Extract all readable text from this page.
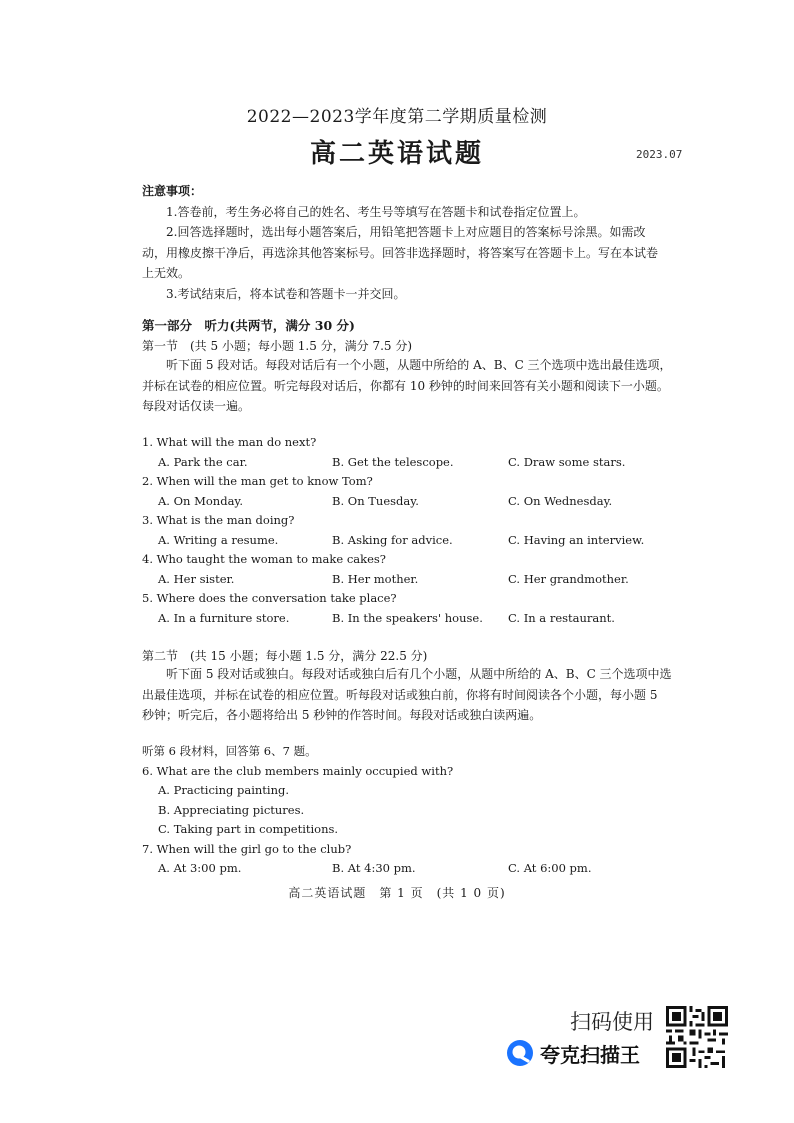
2022—2023学年度第二学期质量检测
高二英语试题	2023.07
注意事项：
1.答卷前，考生务必将自己的姓名、考生号等填写在答题卡和试卷指定位置上。
2.回答选择题时，选出每小题答案后，用铅笔把答题卡上对应题目的答案标号涂黑。如需改动，用橡皮擦干净后，再选涂其他答案标号。回答非选择题时，将答案写在答题卡上。写在本试卷上无效。
3.考试结束后，将本试卷和答题卡一并交回。
第一部分　听力(共两节，满分 30 分)
第一节　(共 5 小题；每小题 1.5 分，满分 7.5 分)
听下面 5 段对话。每段对话后有一个小题，从题中所给的 A、B、C 三个选项中选出最佳选项，并标在试卷的相应位置。听完每段对话后，你都有 10 秒钟的时间来回答有关小题和阅读下一小题。每段对话仅读一遍。
1. What will the man do next?
A. Park the car.	B. Get the telescope.	C. Draw some stars.
2. When will the man get to know Tom?
A. On Monday.	B. On Tuesday.	C. On Wednesday.
3. What is the man doing?
A. Writing a resume.	B. Asking for advice.	C. Having an interview.
4. Who taught the woman to make cakes?
A. Her sister.	B. Her mother.	C. Her grandmother.
5. Where does the conversation take place?
A. In a furniture store.	B. In the speakers' house. C. In a restaurant.
第二节　(共 15 小题；每小题 1.5 分，满分 22.5 分)
听下面 5 段对话或独白。每段对话或独白后有几个小题，从题中所给的 A、B、C 三个选项中选出最佳选项，并标在试卷的相应位置。听每段对话或独白前，你将有时间阅读各个小题，每小题 5 秒钟；听完后，各小题将给出 5 秒钟的作答时间。每段对话或独白读两遍。
听第 6 段材料，回答第 6、7 题。
6. What are the club members mainly occupied with?
A. Practicing painting.
B. Appreciating pictures.
C. Taking part in competitions.
7. When will the girl go to the club?
A. At 3:00 pm.	B. At 4:30 pm.	C. At 6:00 pm.
高二英语试题　第 1 页　(共 1 0 页)
扫码使用
夸克扫描王
